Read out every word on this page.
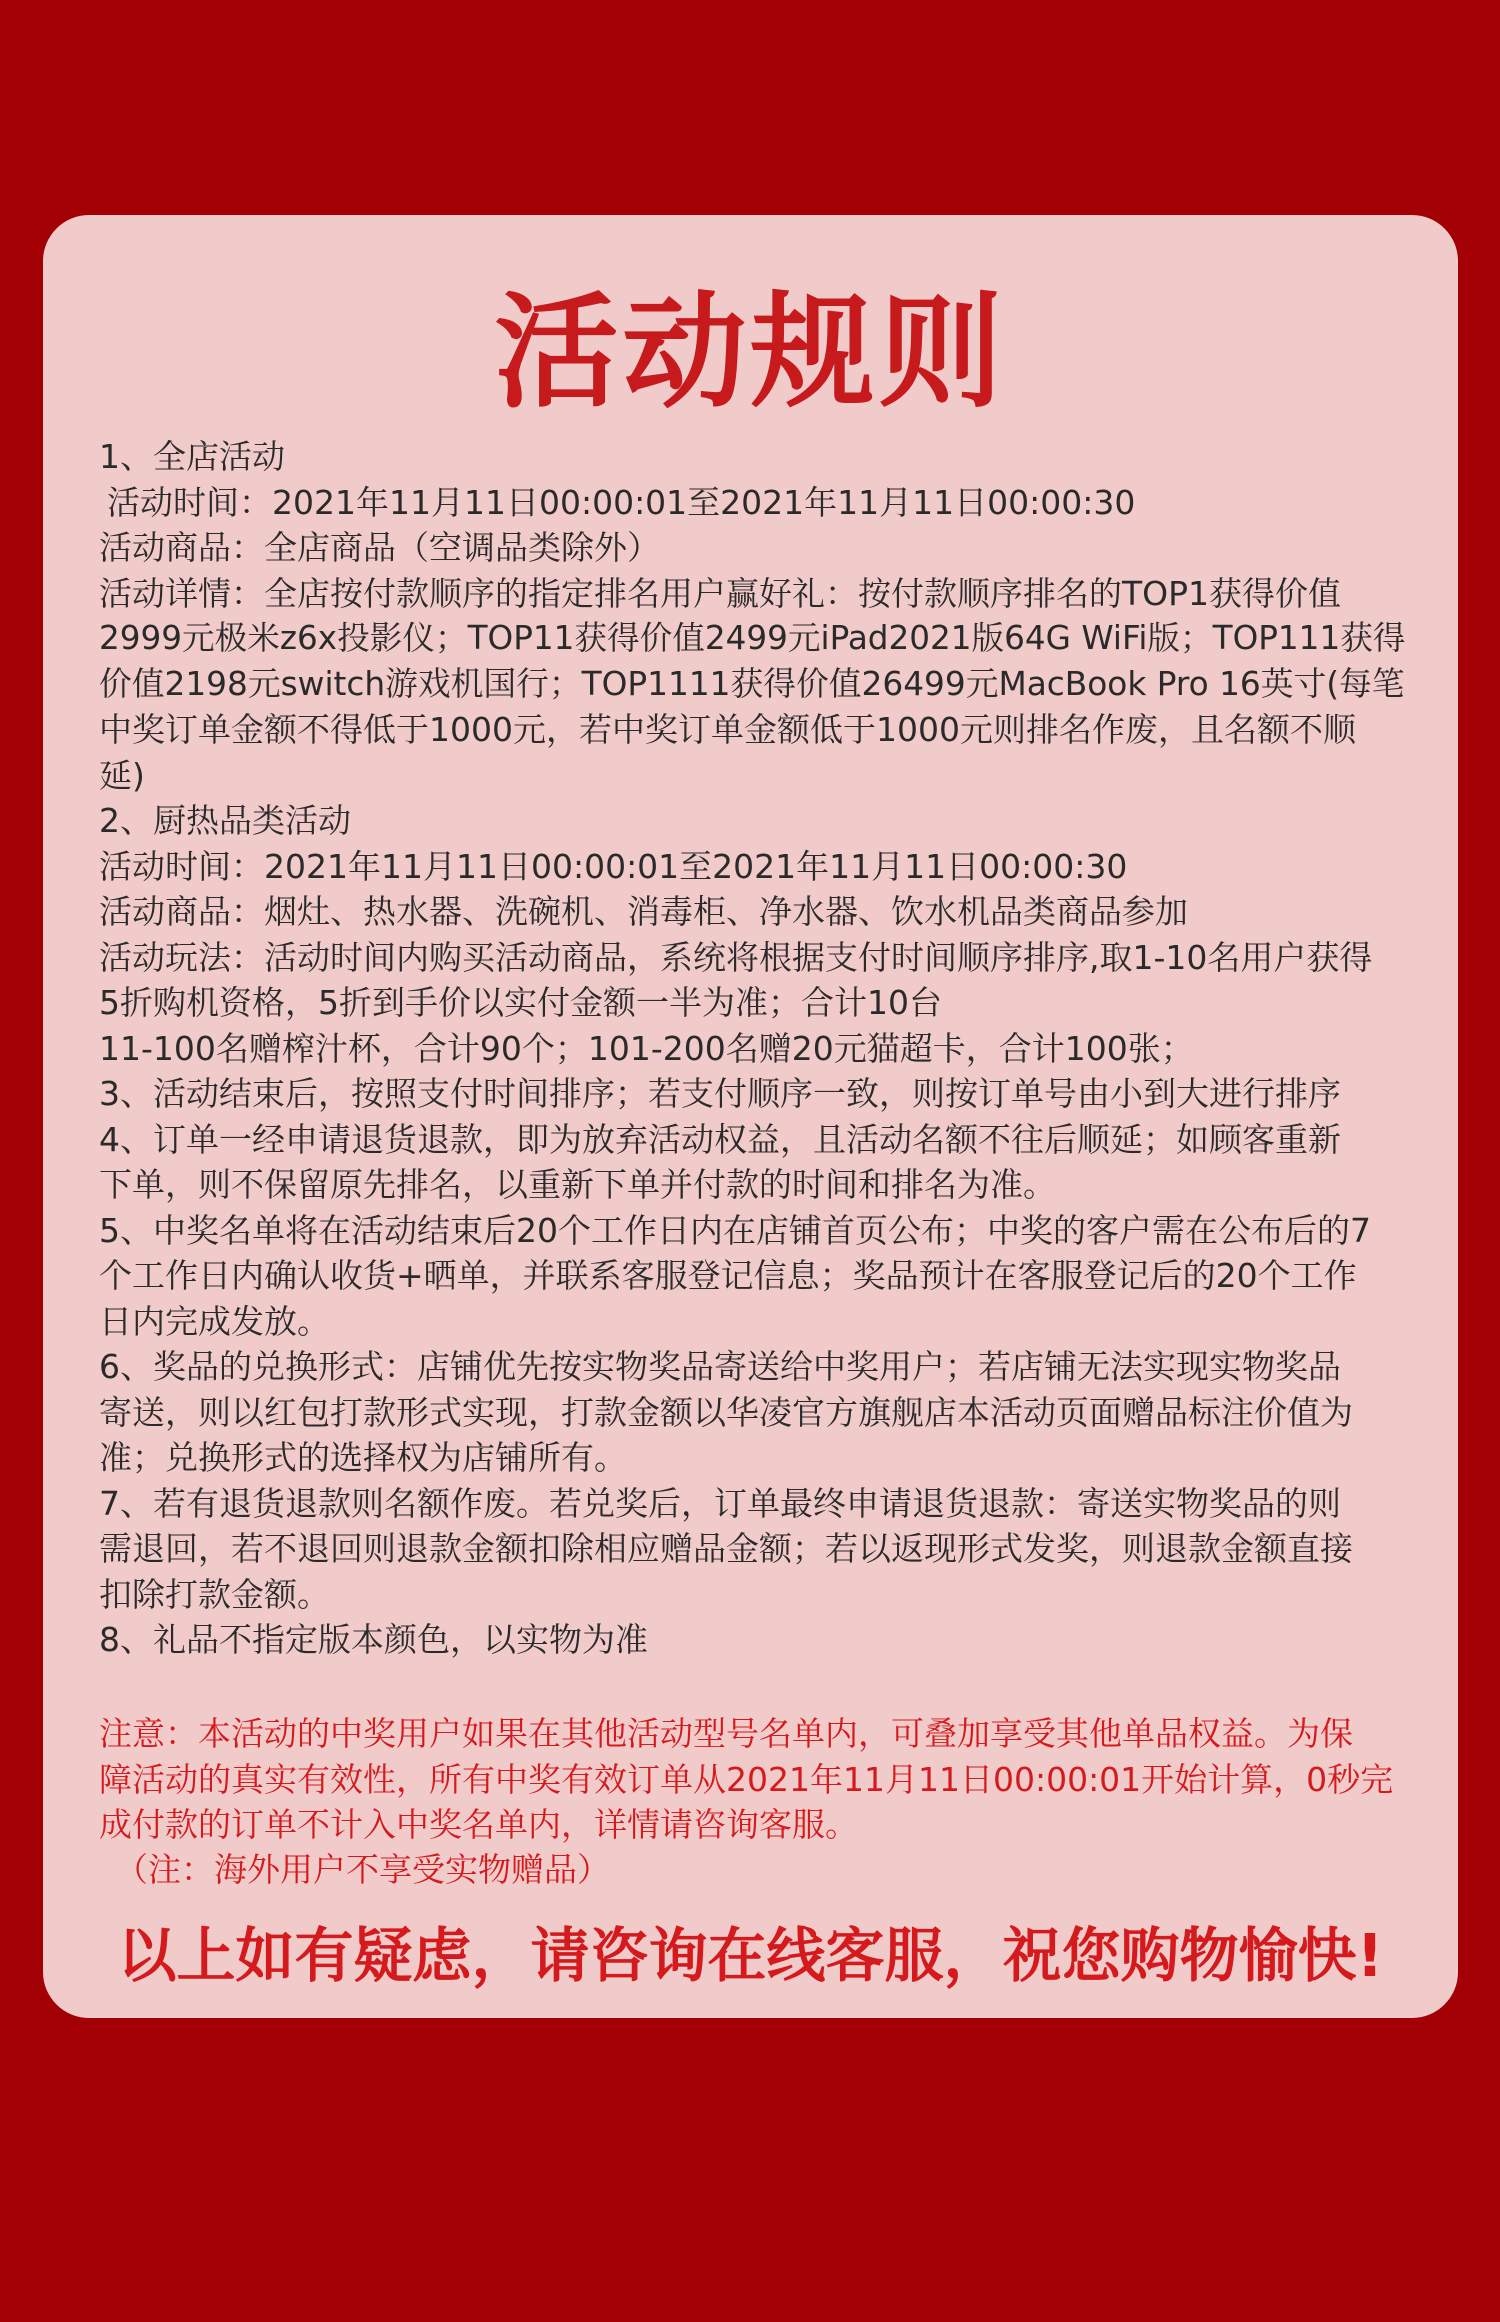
活动规则
1、全店活动
活动时间：2021年11月11日00:00:01至2021年11月11日00:00:30
活动商品：全店商品（空调品类除外）
活动详情：全店按付款顺序的指定排名用户赢好礼：按付款顺序排名的TOP1获得价值
2999元极米z6x投影仪；TOP11获得价值2499元iPad2021版64G WiFi版；TOP111获得
价值2198元switch游戏机国行；TOP1111获得价值26499元MacBook Pro 16英寸(每笔
中奖订单金额不得低于1000元，若中奖订单金额低于1000元则排名作废，且名额不顺
延)
2、厨热品类活动
活动时间：2021年11月11日00:00:01至2021年11月11日00:00:30
活动商品：烟灶、热水器、洗碗机、消毒柜、净水器、饮水机品类商品参加
活动玩法：活动时间内购买活动商品，系统将根据支付时间顺序排序,取1-10名用户获得
5折购机资格，5折到手价以实付金额一半为准；合计10台
11-100名赠榨汁杯，合计90个；101-200名赠20元猫超卡，合计100张；
3、活动结束后，按照支付时间排序；若支付顺序一致，则按订单号由小到大进行排序
4、订单一经申请退货退款，即为放弃活动权益，且活动名额不往后顺延；如顾客重新
下单，则不保留原先排名，以重新下单并付款的时间和排名为准。
5、中奖名单将在活动结束后20个工作日内在店铺首页公布；中奖的客户需在公布后的7
个工作日内确认收货+晒单，并联系客服登记信息；奖品预计在客服登记后的20个工作
日内完成发放。
6、奖品的兑换形式：店铺优先按实物奖品寄送给中奖用户；若店铺无法实现实物奖品
寄送，则以红包打款形式实现，打款金额以华凌官方旗舰店本活动页面赠品标注价值为
准；兑换形式的选择权为店铺所有。
7、若有退货退款则名额作废。若兑奖后，订单最终申请退货退款：寄送实物奖品的则
需退回，若不退回则退款金额扣除相应赠品金额；若以返现形式发奖，则退款金额直接
扣除打款金额。
8、礼品不指定版本颜色，以实物为准
注意：本活动的中奖用户如果在其他活动型号名单内，可叠加享受其他单品权益。为保
障活动的真实有效性，所有中奖有效订单从2021年11月11日00:00:01开始计算，0秒完
成付款的订单不计入中奖名单内，详情请咨询客服。
（注：海外用户不享受实物赠品）
以上如有疑虑，请咨询在线客服，祝您购物愉快!
